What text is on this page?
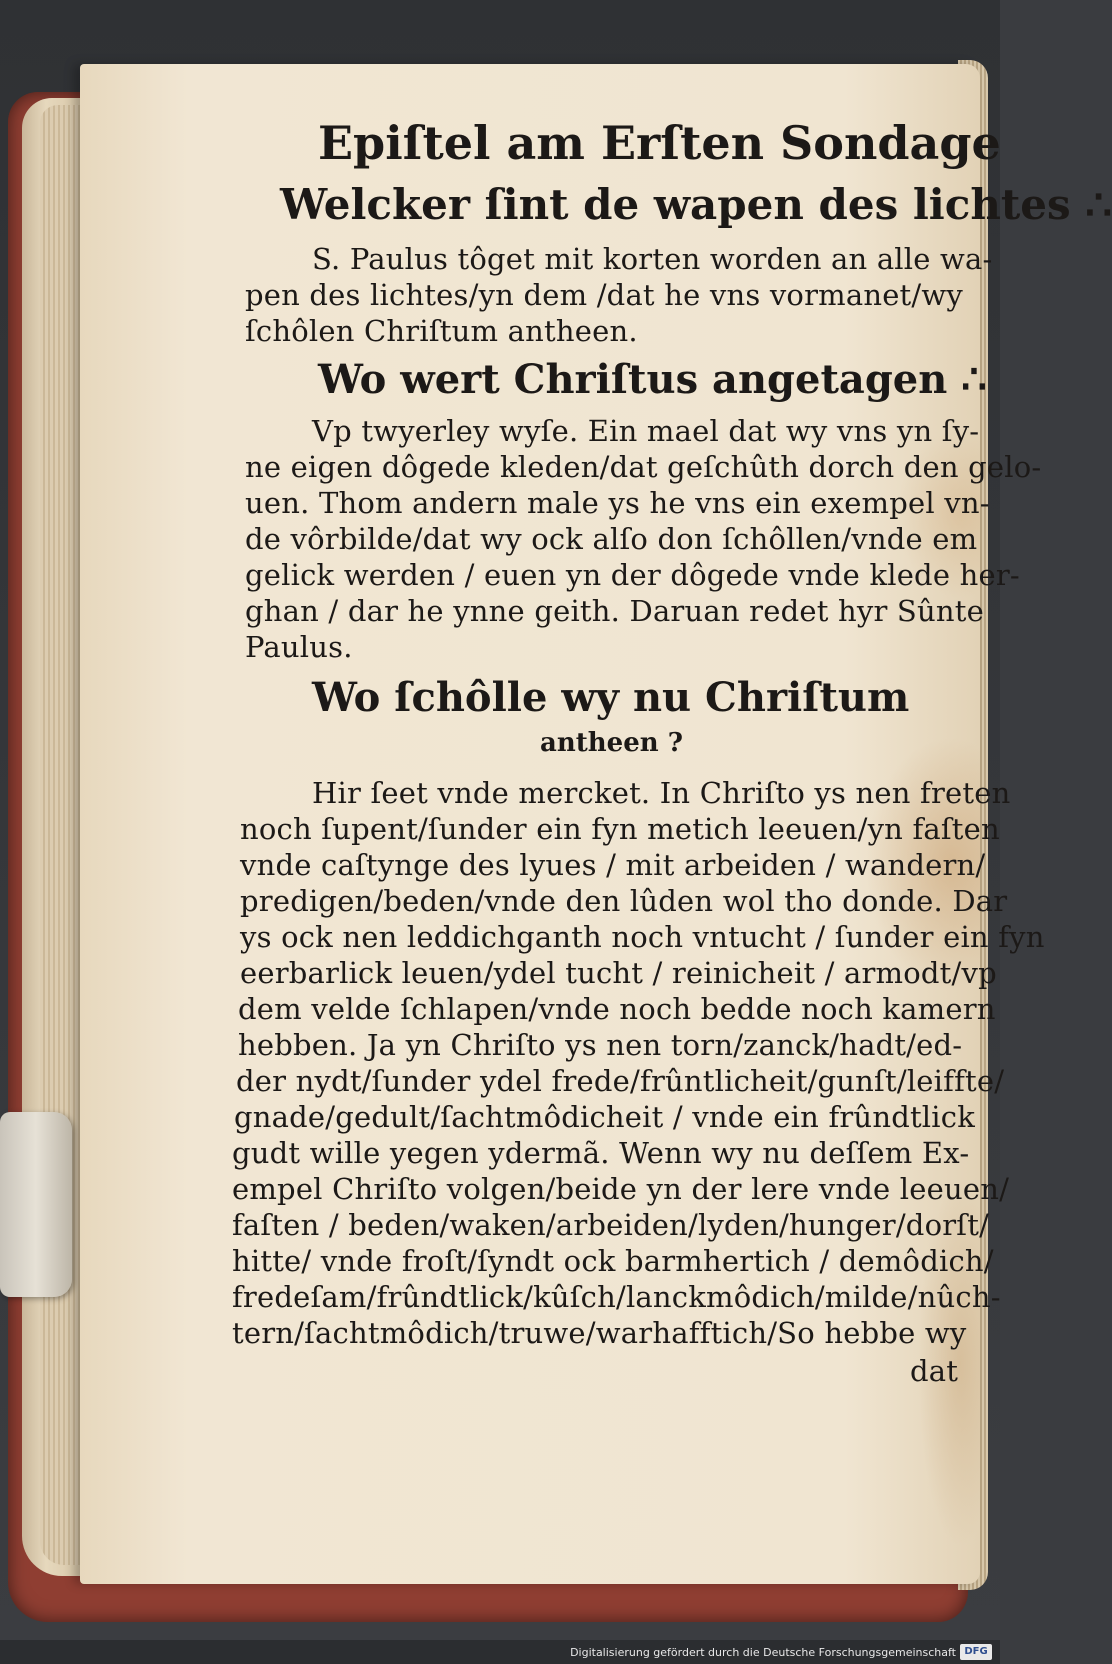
Epiſtel am Erſten Sondage
Welcker ſint de wapen des lichtes ∴
S. Paulus tôget mit korten worden an alle wa-
pen des lichtes/yn dem /dat he vns vormanet/wy
ſchôlen Chriſtum antheen.
Wo wert Chriſtus angetagen ∴
Vp twyerley wyſe. Ein mael dat wy vns yn ſy-
ne eigen dôgede kleden/dat geſchûth dorch den gelo-
uen. Thom andern male ys he vns ein exempel vn-
de vôrbilde/dat wy ock alſo don ſchôllen/vnde em
gelick werden / euen yn der dôgede vnde klede her-
ghan / dar he ynne geith. Daruan redet hyr Sûnte
Paulus.
Wo ſchôlle wy nu Chriſtum
antheen ?
Hir ſeet vnde mercket. In Chriſto ys nen freten
noch ſupent/ſunder ein fyn metich leeuen/yn faſten
vnde caſtynge des lyues / mit arbeiden / wandern/
predigen/beden/vnde den lûden wol tho donde. Dar
ys ock nen leddichganth noch vntucht / ſunder ein fyn
eerbarlick leuen/ydel tucht / reinicheit / armodt/vp
dem velde ſchlapen/vnde noch bedde noch kamern
hebben. Ja yn Chriſto ys nen torn/zanck/hadt/ed-
der nydt/ſunder ydel frede/frûntlicheit/gunſt/leiffte/
gnade/gedult/ſachtmôdicheit / vnde ein frûndtlick
gudt wille yegen ydermã. Wenn wy nu deſſem Ex-
empel Chriſto volgen/beide yn der lere vnde leeuen/
faſten / beden/waken/arbeiden/lyden/hunger/dorſt/
hitte/ vnde froſt/ſyndt ock barmhertich / demôdich/
fredeſam/frûndtlick/kûſch/lanckmôdich/milde/nûch-
tern/ſachtmôdich/truwe/warhafftich/So hebbe wy
dat
Digitalisierung gefördert durch die Deutsche Forschungsgemeinschaft DFG
